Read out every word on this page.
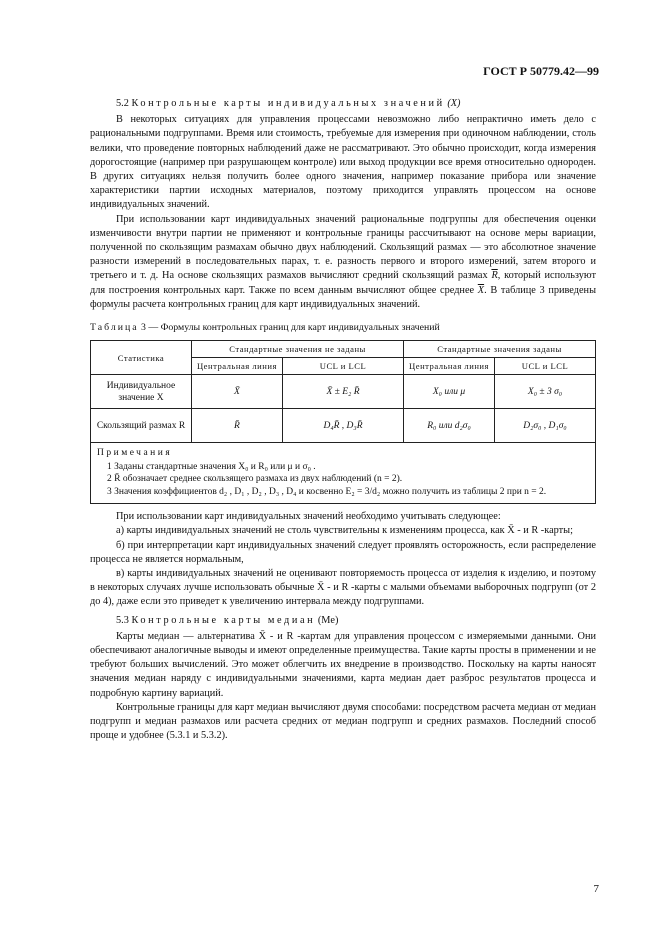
ГОСТ Р 50779.42—99

5.2 Контрольные карты индивидуальных значений (X)

В некоторых ситуациях для управления процессами невозможно либо непрактично иметь дело с рациональными подгруппами. Время или стоимость, требуемые для измерения при одиночном наблюдении, столь велики, что проведение повторных наблюдений даже не рассматривают. Это обычно происходит, когда измерения дорогостоящие (например при разрушающем контроле) или выход продукции все время относительно однороден. В других ситуациях нельзя получить более одного значения, например показание прибора или значение характеристики партии исходных материалов, поэтому приходится управлять процессом на основе индивидуальных значений.

При использовании карт индивидуальных значений рациональные подгруппы для обеспечения оценки изменчивости внутри партии не применяют и контрольные границы рассчитывают на основе меры вариации, полученной по скользящим размахам обычно двух наблюдений. Скользящий размах — это абсолютное значение разности измерений в последовательных парах, т. е. разность первого и второго измерений, затем второго и третьего и т. д. На основе скользящих размахов вычисляют средний скользящий размах $\overline{R}$, который используют для построения контрольных карт. Также по всем данным вычисляют общее среднее $\overline{X}$. В таблице 3 приведены формулы расчета контрольных границ для карт индивидуальных значений.

Таблица 3 — Формулы контрольных границ для карт индивидуальных значений
Статистика	Стандартные значения не заданы		Стандартные значения заданы	
	Центральная линия	UCL и LCL	Центральная линия	UCL и LCL
Индивидуальное значение X	X̄	X̄ ± E₂ R̄	X₀ или μ	X₀ ± 3 σ₀
Скользящий размах R	R̄	D₄R̄ , D₃R̄	R₀ или d₂σ₀	D₂σ₀ , D₁σ₀

Примечания
1 Заданы стандартные значения X₀ и R₀ или μ и σ₀ .
2 R̄ обозначает среднее скользящего размаха из двух наблюдений (n = 2).
3 Значения коэффициентов d₂ , D₁ , D₂ , D₃ , D₄ и косвенно E₂ = 3/d₂ можно получить из таблицы 2 при n = 2.				

При использовании карт индивидуальных значений необходимо учитывать следующее:

а) карты индивидуальных значений не столь чувствительны к изменениям процесса, как X̄ - и R -карты;

б) при интерпретации карт индивидуальных значений следует проявлять осторожность, если распределение процесса не является нормальным,

в) карты индивидуальных значений не оценивают повторяемость процесса от изделия к изделию, и поэтому в некоторых случаях лучше использовать обычные X̄ - и R -карты с малыми объемами выборочных подгрупп (от 2 до 4), даже если это приведет к увеличению интервала между подгруппами.

5.3 Контрольные карты медиан (Me)

Карты медиан — альтернатива X̄ - и R -картам для управления процессом с измеряемыми данными. Они обеспечивают аналогичные выводы и имеют определенные преимущества. Такие карты просты в применении и не требуют больших вычислений. Это может облегчить их внедрение в производство. Поскольку на карты наносят значения медиан наряду с индивидуальными значениями, карта медиан дает разброс результатов процесса и подробную картину вариаций.

Контрольные границы для карт медиан вычисляют двумя способами: посредством расчета медиан от медиан подгрупп и медиан размахов или расчета средних от медиан подгрупп и средних размахов. Последний способ проще и удобнее (5.3.1 и 5.3.2).

7
